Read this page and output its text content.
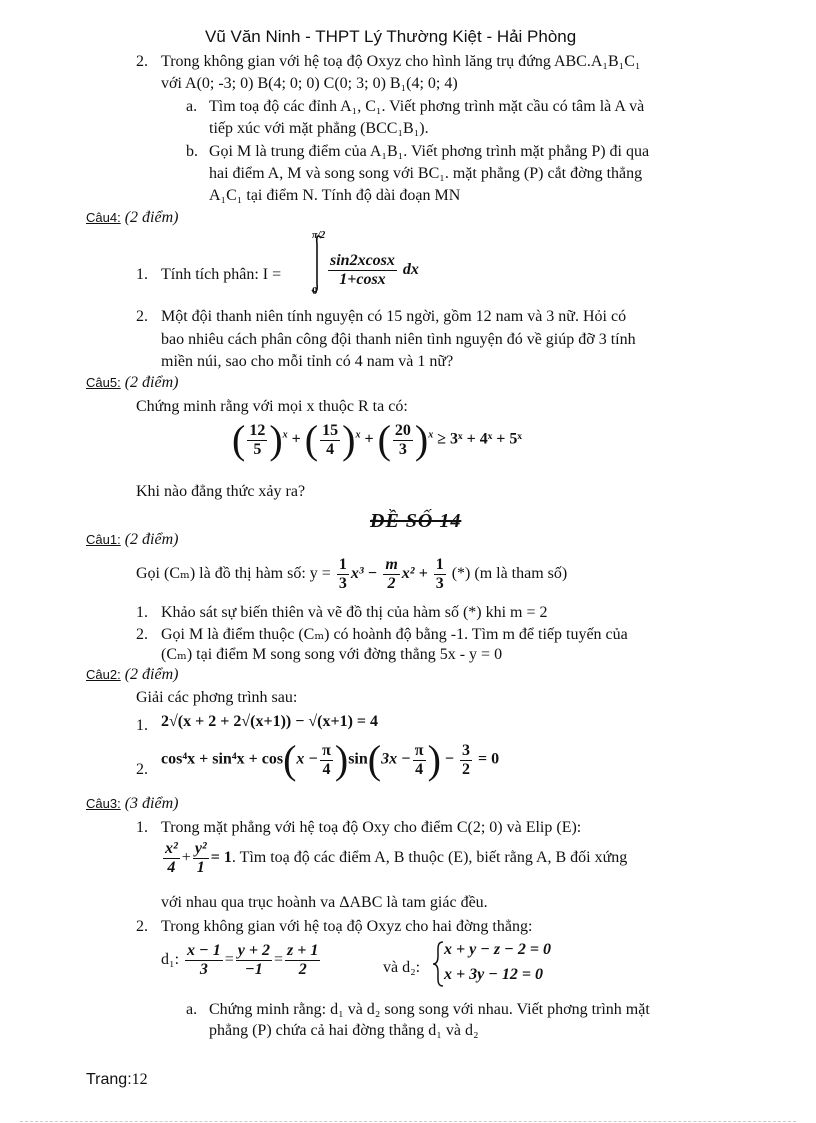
Vũ Văn Ninh - THPT Lý Thường Kiệt - Hải Phòng
2. Trong không gian với hệ toạ độ Oxyz cho hình lăng trụ đứng ABC.A₁B₁C₁
với A(0; -3; 0) B(4; 0; 0) C(0; 3; 0) B₁(4; 0; 4)
a. Tìm toạ độ các đỉnh A₁, C₁. Viết phơng trình mặt cầu có tâm là A và
tiếp xúc với mặt phẳng (BCC₁B₁).
b. Gọi M là trung điểm của A₁B₁. Viết phơng trình mặt phẳng P) đi qua
hai điểm A, M và song song với BC₁. mặt phẳng (P) cắt đờng thẳng
A₁C₁ tại điểm N. Tính độ dài đoạn MN
Câu4: (2 điểm)
1. Tính tích phân: I =
π/2
0
$\frac{\sin 2xcosx}{1+\cos x}$ dx
2. Một đội thanh niên tính nguyện có 15 ngời, gồm 12 nam và 3 nữ. Hỏi có
bao nhiêu cách phân công đội thanh niên tình nguyện đó về giúp đỡ 3 tính
miền núi, sao cho mỗi tỉnh có 4 nam và 1 nữ?
Câu5: (2 điểm)
Chứng minh rằng với mọi x thuộc R ta có:
( $\frac{12}{5} )^x$ + ( $\frac{15}{4} )^x$ + ( $\frac{20}{3} )^x$ ≥ 3ˣ + 4ˣ + 5ˣ
Khi nào đẳng thức xảy ra?
ĐỀ SỐ 14
Câu1: (2 điểm)
Gọi (Cₘ) là đồ thị hàm số: $y = \frac{1}{3} x^3 - \frac{m}{2} x^2 + \frac{1}{3}$ (*) (m là tham số)
1. Khảo sát sự biến thiên và vẽ đồ thị của hàm số (*) khi m = 2
2. Gọi M là điểm thuộc (Cₘ) có hoành độ bằng -1. Tìm m để tiếp tuyến của
(Cₘ) tại điểm M song song với đờng thẳng 5x - y = 0
Câu2: (2 điểm)
Giải các phơng trình sau:
1. 2√(x + 2 + 2√(x+1)) − √(x+1) = 4
2.
$\cos^4x + \sin^4x + \cos(x - \frac{\pi}{4} )\sin(3x - \frac{\pi}{4}$ ) − $\frac{3}{2} = 0$
Câu3: (3 điểm)
1. Trong mặt phẳng với hệ toạ độ Oxy cho điểm C(2; 0) và Elip (E):
$\frac{\text{x²}}{4} + \frac{\text{y²}}{1} = 1$. Tìm toạ độ các điểm A, B thuộc (E), biết rằng A, B đối xứng
với nhau qua trục hoành va ΔABC là tam giác đều.
2. Trong không gian với hệ toạ độ Oxyz cho hai đờng thẳng:
d₁: $\frac{x - 1}{3} = \frac{y + 2}{-1} = \frac{z + 1}{2}$	và d₂:
x + y − z − 2 = 0
x + 3y − 12 = 0
a. Chứng minh rằng: d₁ và d₂ song song với nhau. Viết phơng trình mặt
phẳng (P) chứa cả hai đờng thẳng d₁ và d₂
Trang:12
